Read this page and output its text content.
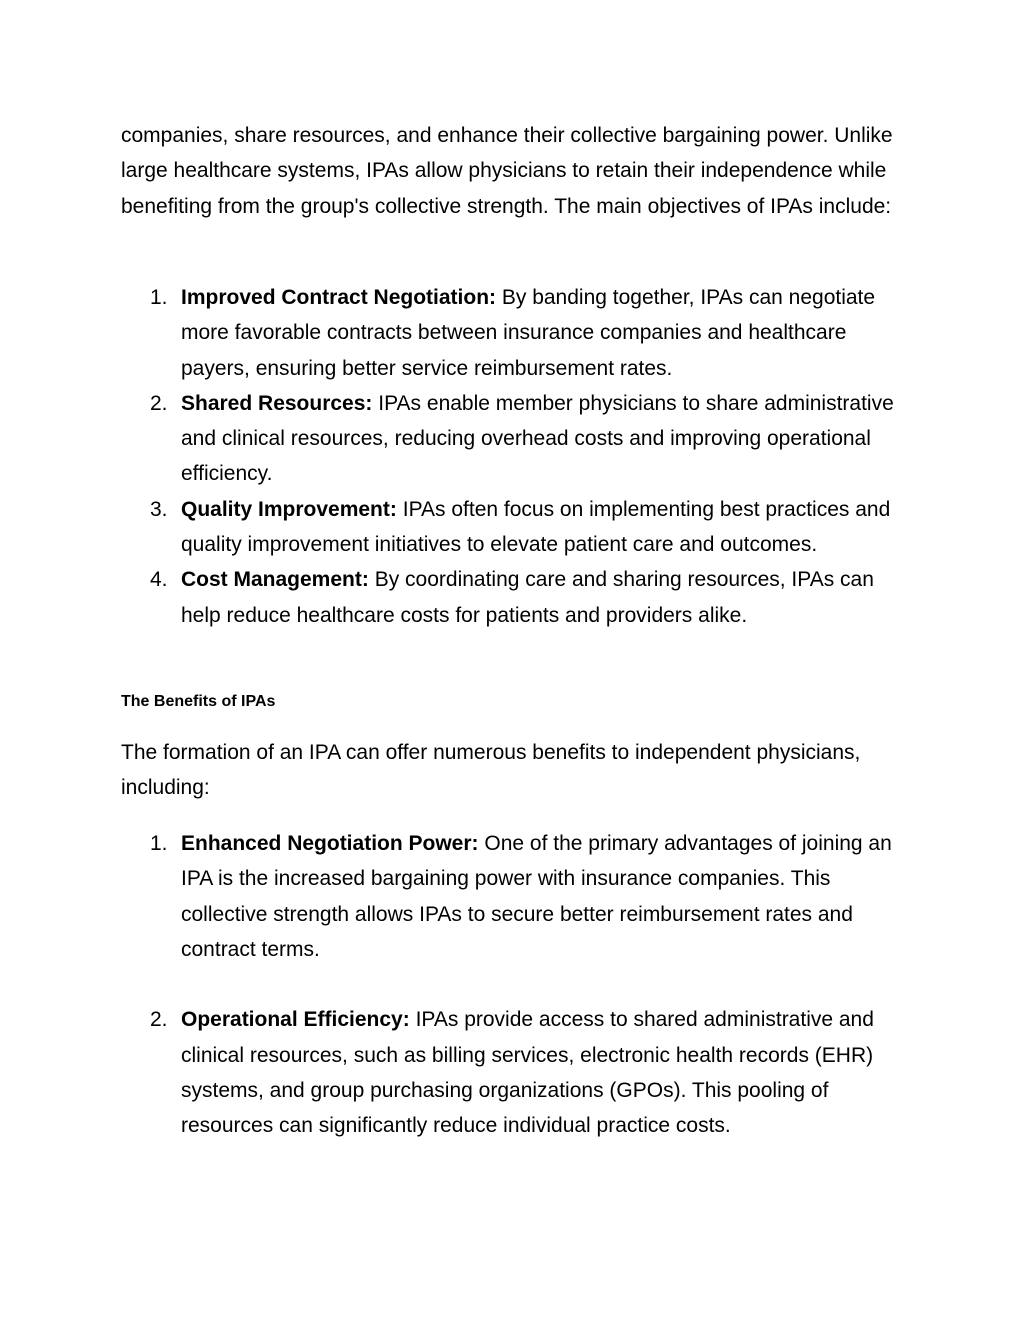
companies, share resources, and enhance their collective bargaining power. Unlike large healthcare systems, IPAs allow physicians to retain their independence while benefiting from the group's collective strength. The main objectives of IPAs include:

1. Improved Contract Negotiation: By banding together, IPAs can negotiate more favorable contracts between insurance companies and healthcare payers, ensuring better service reimbursement rates.
2. Shared Resources: IPAs enable member physicians to share administrative and clinical resources, reducing overhead costs and improving operational efficiency.
3. Quality Improvement: IPAs often focus on implementing best practices and quality improvement initiatives to elevate patient care and outcomes.
4. Cost Management: By coordinating care and sharing resources, IPAs can help reduce healthcare costs for patients and providers alike.
The Benefits of IPAs

The formation of an IPA can offer numerous benefits to independent physicians, including:

1. Enhanced Negotiation Power: One of the primary advantages of joining an IPA is the increased bargaining power with insurance companies. This collective strength allows IPAs to secure better reimbursement rates and contract terms.
2. Operational Efficiency: IPAs provide access to shared administrative and clinical resources, such as billing services, electronic health records (EHR) systems, and group purchasing organizations (GPOs). This pooling of resources can significantly reduce individual practice costs.
